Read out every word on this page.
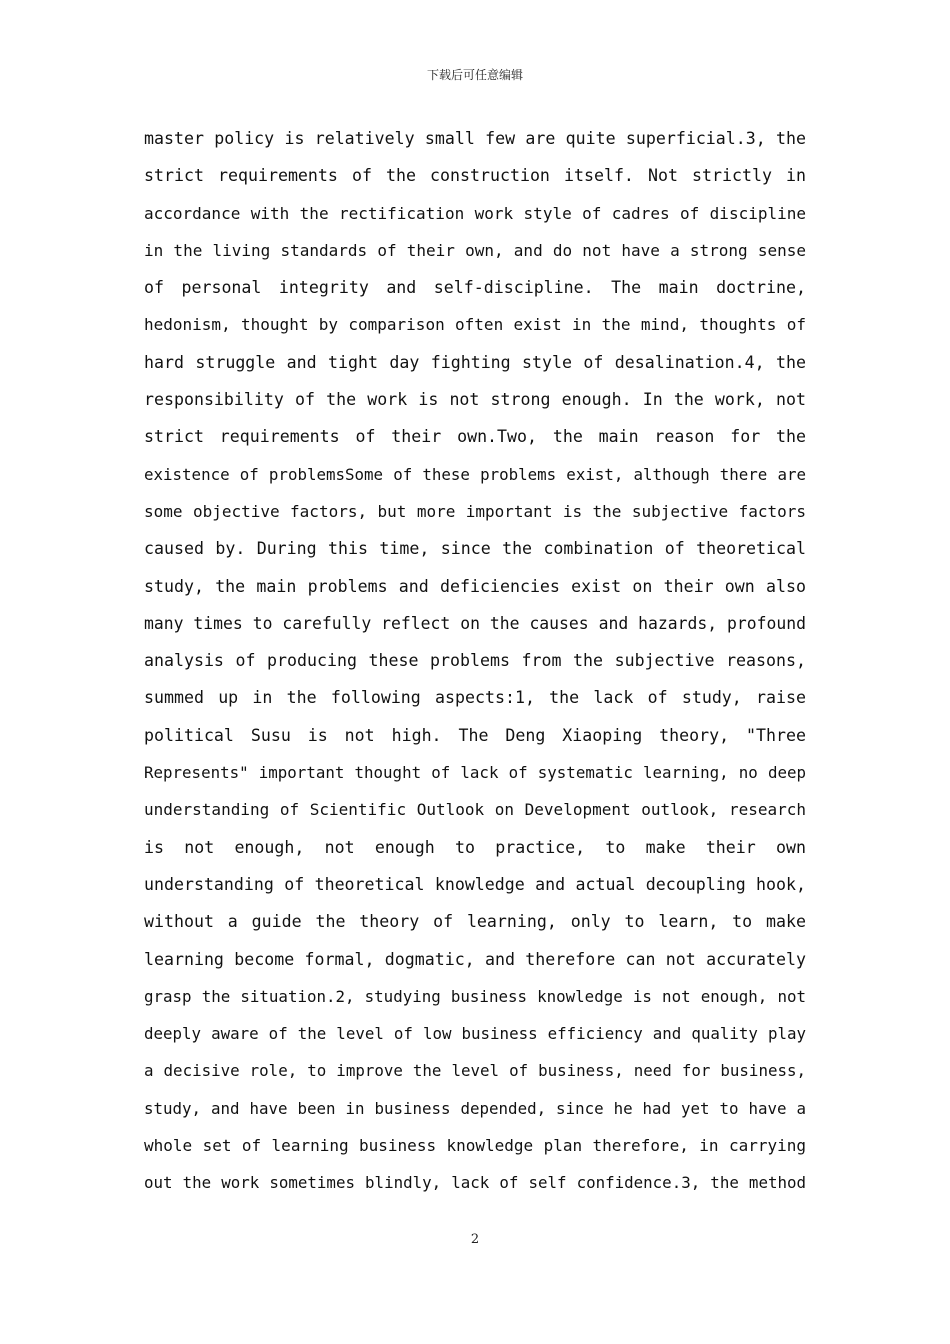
下载后可任意编辑
master policy is relatively small few are quite superficial.3, the
strict requirements of the construction itself. Not strictly in
accordance with the rectification work style of cadres of discipline
in the living standards of their own, and do not have a strong sense
of personal integrity and self-discipline. The main doctrine,
hedonism, thought by comparison often exist in the mind, thoughts of
hard struggle and tight day fighting style of desalination.4, the
responsibility of the work is not strong enough. In the work, not
strict requirements of their own.Two, the main reason for the
existence of problemsSome of these problems exist, although there are
some objective factors, but more important is the subjective factors
caused by. During this time, since the combination of theoretical
study, the main problems and deficiencies exist on their own also
many times to carefully reflect on the causes and hazards, profound
analysis of producing these problems from the subjective reasons,
summed up in the following aspects:1, the lack of study, raise
political Susu is not high. The Deng Xiaoping theory, "Three
Represents" important thought of lack of systematic learning, no deep
understanding of Scientific Outlook on Development outlook, research
is not enough, not enough to practice, to make their own
understanding of theoretical knowledge and actual decoupling hook,
without a guide the theory of learning, only to learn, to make
learning become formal, dogmatic, and therefore can not accurately
grasp the situation.2, studying business knowledge is not enough, not
deeply aware of the level of low business efficiency and quality play
a decisive role, to improve the level of business, need for business,
study, and have been in business depended, since he had yet to have a
whole set of learning business knowledge plan therefore, in carrying
out the work sometimes blindly, lack of self confidence.3, the method
2
